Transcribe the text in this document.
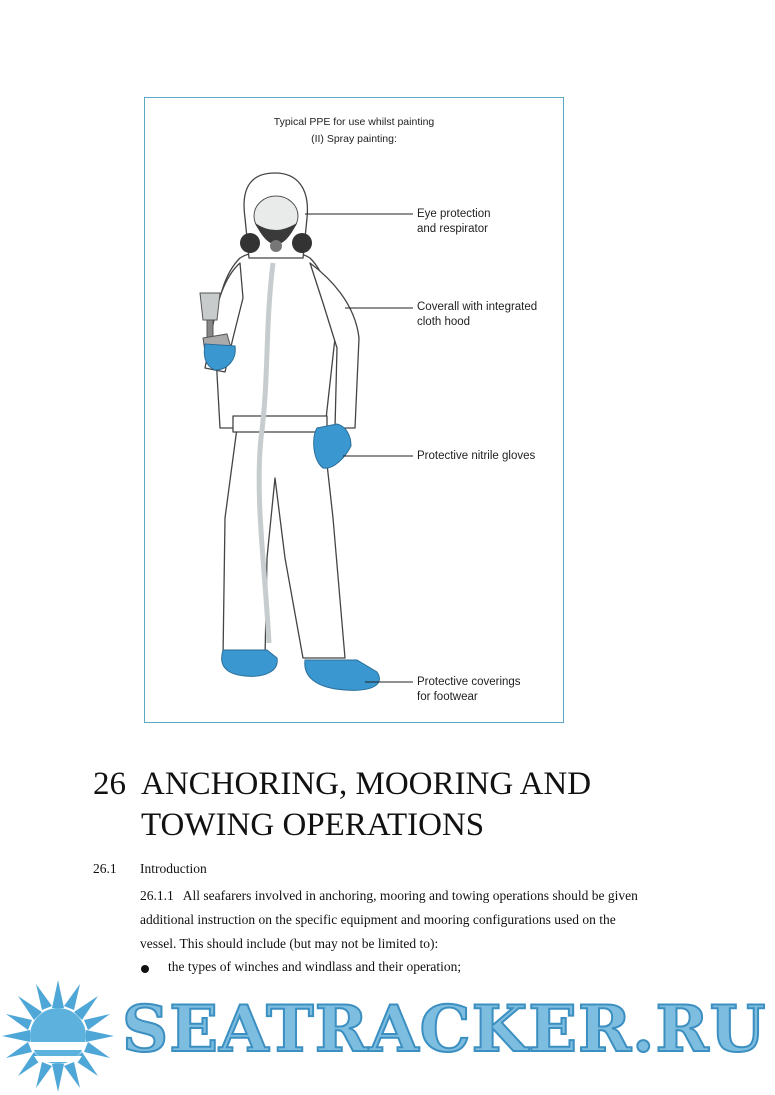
Typical PPE for use whilst painting
(II) Spray painting:
Eye protection
and respirator
Coverall with integrated
cloth hood
Protective nitrile gloves
Protective coverings
for footwear
26 ANCHORING, MOORING AND
TOWING OPERATIONS
26.1 Introduction
26.1.1 All seafarers involved in anchoring, mooring and towing operations should be given
additional instruction on the specific equipment and mooring configurations used on the
vessel. This should include (but may not be limited to):
the types of winches and windlass and their operation;
SEATRACKER.RU
